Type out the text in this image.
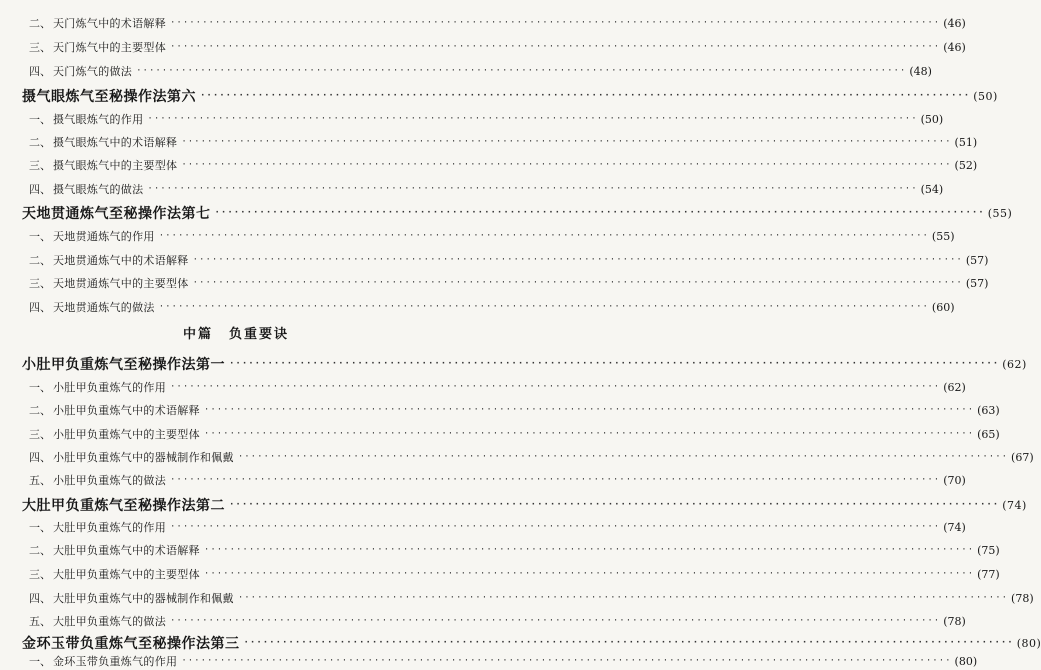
二、 天门炼气中的术语解释 ························································································································ (46)
三、 天门炼气中的主要型体 ························································································································ (46)
四、 天门炼气的做法 ························································································································ (48)
摄气眼炼气至秘操作法第六 ························································································································ (50)
一、 摄气眼炼气的作用 ························································································································ (50)
二、 摄气眼炼气中的术语解释 ························································································································ (51)
三、 摄气眼炼气中的主要型体 ························································································································ (52)
四、 摄气眼炼气的做法 ························································································································ (54)
天地贯通炼气至秘操作法第七 ························································································································ (55)
一、 天地贯通炼气的作用 ························································································································ (55)
二、 天地贯通炼气中的术语解释 ························································································································ (57)
三、 天地贯通炼气中的主要型体 ························································································································ (57)
四、 天地贯通炼气的做法 ························································································································ (60)
中篇 负重要诀
小肚甲负重炼气至秘操作法第一 ························································································································ (62)
一、 小肚甲负重炼气的作用 ························································································································ (62)
二、 小肚甲负重炼气中的术语解释 ························································································································ (63)
三、 小肚甲负重炼气中的主要型体 ························································································································ (65)
四、 小肚甲负重炼气中的器械制作和佩戴 ························································································································ (67)
五、 小肚甲负重炼气的做法 ························································································································ (70)
大肚甲负重炼气至秘操作法第二 ························································································································ (74)
一、 大肚甲负重炼气的作用 ························································································································ (74)
二、 大肚甲负重炼气中的术语解释 ························································································································ (75)
三、 大肚甲负重炼气中的主要型体 ························································································································ (77)
四、 大肚甲负重炼气中的器械制作和佩戴 ························································································································ (78)
五、 大肚甲负重炼气的做法 ························································································································ (78)
金环玉带负重炼气至秘操作法第三 ························································································································ (80)
一、 金环玉带负重炼气的作用 ························································································································ (80)
